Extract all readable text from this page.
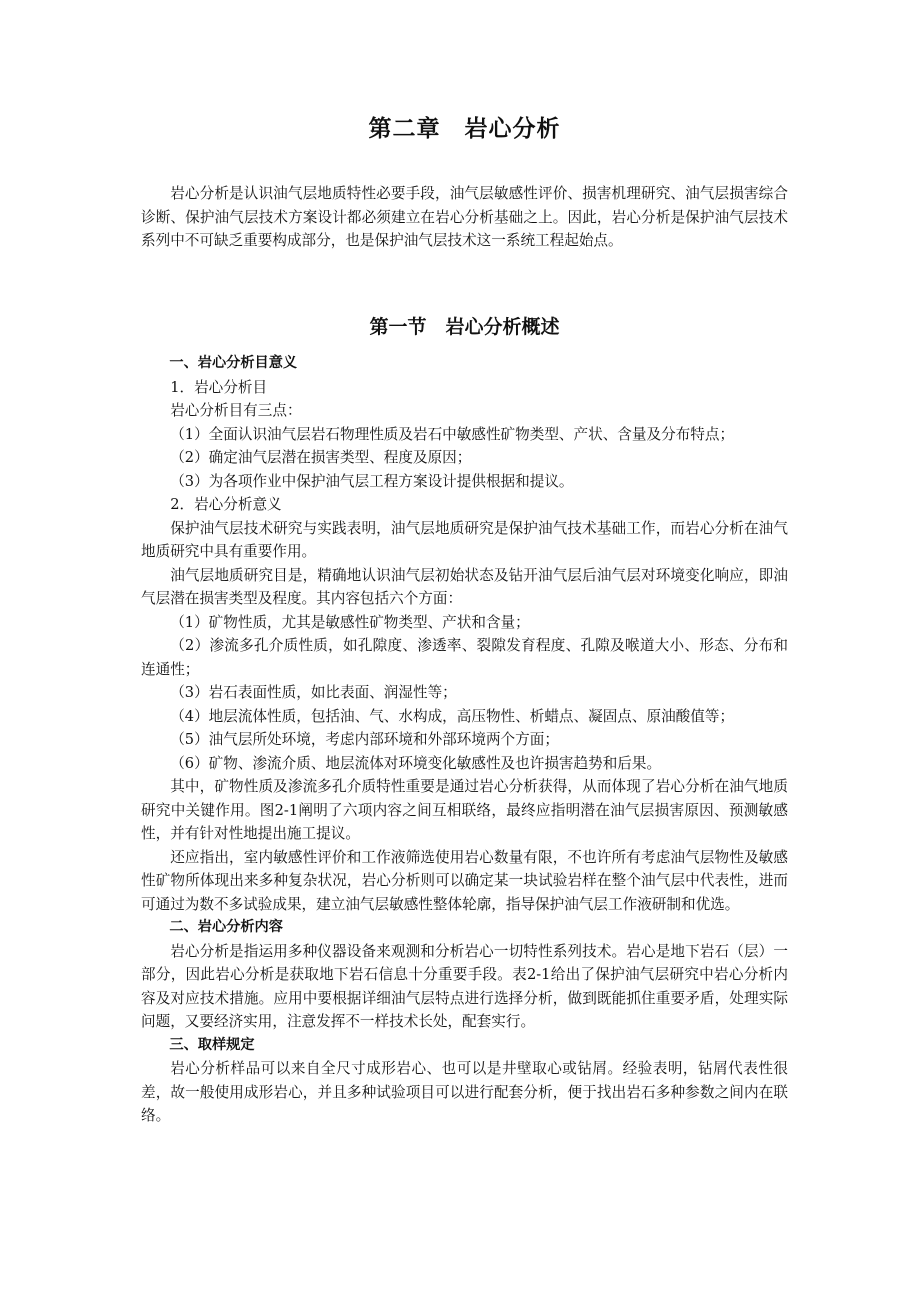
第二章　岩心分析

岩心分析是认识油气层地质特性必要手段，油气层敏感性评价、损害机理研究、油气层损害综合诊断、保护油气层技术方案设计都必须建立在岩心分析基础之上。因此，岩心分析是保护油气层技术系列中不可缺乏重要构成部分，也是保护油气层技术这一系统工程起始点。

第一节　岩心分析概述

一、岩心分析目意义

1．岩心分析目

岩心分析目有三点：

（1）全面认识油气层岩石物理性质及岩石中敏感性矿物类型、产状、含量及分布特点；

（2）确定油气层潜在损害类型、程度及原因；

（3）为各项作业中保护油气层工程方案设计提供根据和提议。

2．岩心分析意义

保护油气层技术研究与实践表明，油气层地质研究是保护油气技术基础工作，而岩心分析在油气地质研究中具有重要作用。

油气层地质研究目是，精确地认识油气层初始状态及钻开油气层后油气层对环境变化响应，即油气层潜在损害类型及程度。其内容包括六个方面：

（1）矿物性质，尤其是敏感性矿物类型、产状和含量；

（2）渗流多孔介质性质，如孔隙度、渗透率、裂隙发育程度、孔隙及喉道大小、形态、分布和连通性；

（3）岩石表面性质，如比表面、润湿性等；

（4）地层流体性质，包括油、气、水构成，高压物性、析蜡点、凝固点、原油酸值等；

（5）油气层所处环境，考虑内部环境和外部环境两个方面；

（6）矿物、渗流介质、地层流体对环境变化敏感性及也许损害趋势和后果。

其中，矿物性质及渗流多孔介质特性重要是通过岩心分析获得，从而体现了岩心分析在油气地质研究中关键作用。图2-1阐明了六项内容之间互相联络，最终应指明潜在油气层损害原因、预测敏感性，并有针对性地提出施工提议。

还应指出，室内敏感性评价和工作液筛选使用岩心数量有限，不也许所有考虑油气层物性及敏感性矿物所体现出来多种复杂状况，岩心分析则可以确定某一块试验岩样在整个油气层中代表性，进而可通过为数不多试验成果，建立油气层敏感性整体轮廓，指导保护油气层工作液研制和优选。

二、岩心分析内容

岩心分析是指运用多种仪器设备来观测和分析岩心一切特性系列技术。岩心是地下岩石（层）一部分，因此岩心分析是获取地下岩石信息十分重要手段。表2-1给出了保护油气层研究中岩心分析内容及对应技术措施。应用中要根据详细油气层特点进行选择分析，做到既能抓住重要矛盾，处理实际问题，又要经济实用，注意发挥不一样技术长处，配套实行。

三、取样规定

岩心分析样品可以来自全尺寸成形岩心、也可以是井壁取心或钻屑。经验表明，钻屑代表性很差，故一般使用成形岩心，并且多种试验项目可以进行配套分析，便于找出岩石多种参数之间内在联络。
